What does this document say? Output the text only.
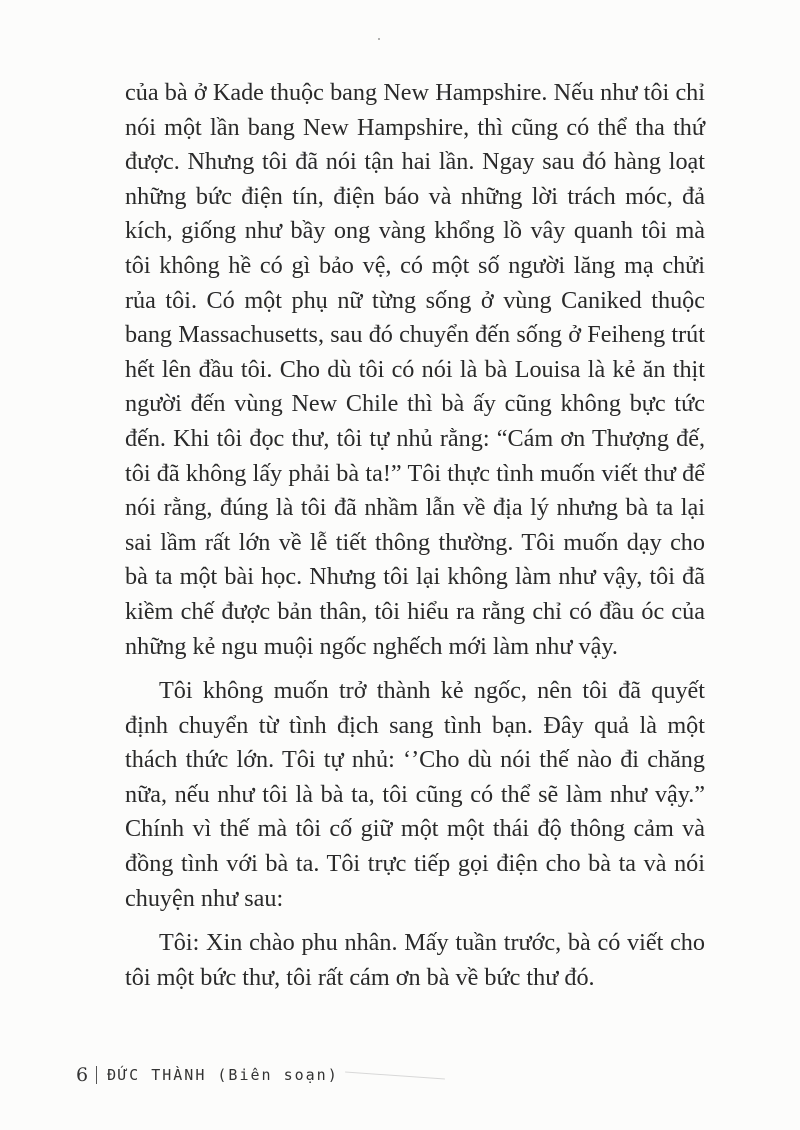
của bà ở Kade thuộc bang New Hampshire. Nếu như tôi chỉ nói một lần bang New Hampshire, thì cũng có thể tha thứ được. Nhưng tôi đã nói tận hai lần. Ngay sau đó hàng loạt những bức điện tín, điện báo và những lời trách móc, đả kích, giống như bầy ong vàng khổng lồ vây quanh tôi mà tôi không hề có gì bảo vệ, có một số người lăng mạ chửi rủa tôi. Có một phụ nữ từng sống ở vùng Caniked thuộc bang Massachusetts, sau đó chuyển đến sống ở Feiheng trút hết lên đầu tôi. Cho dù tôi có nói là bà Louisa là kẻ ăn thịt người đến vùng New Chile thì bà ấy cũng không bực tức đến. Khi tôi đọc thư, tôi tự nhủ rằng: “Cám ơn Thượng đế, tôi đã không lấy phải bà ta!” Tôi thực tình muốn viết thư để nói rằng, đúng là tôi đã nhầm lẫn về địa lý nhưng bà ta lại sai lầm rất lớn về lễ tiết thông thường. Tôi muốn dạy cho bà ta một bài học. Nhưng tôi lại không làm như vậy, tôi đã kiềm chế được bản thân, tôi hiểu ra rằng chỉ có đầu óc của những kẻ ngu muội ngốc nghếch mới làm như vậy.

Tôi không muốn trở thành kẻ ngốc, nên tôi đã quyết định chuyển từ tình địch sang tình bạn. Đây quả là một thách thức lớn. Tôi tự nhủ: ‘’Cho dù nói thế nào đi chăng nữa, nếu như tôi là bà ta, tôi cũng có thể sẽ làm như vậy.” Chính vì thế mà tôi cố giữ một một thái độ thông cảm và đồng tình với bà ta. Tôi trực tiếp gọi điện cho bà ta và nói chuyện như sau:

Tôi: Xin chào phu nhân. Mấy tuần trước, bà có viết cho tôi một bức thư, tôi rất cám ơn bà về bức thư đó.

6 ĐỨC THÀNH (Biên soạn)
